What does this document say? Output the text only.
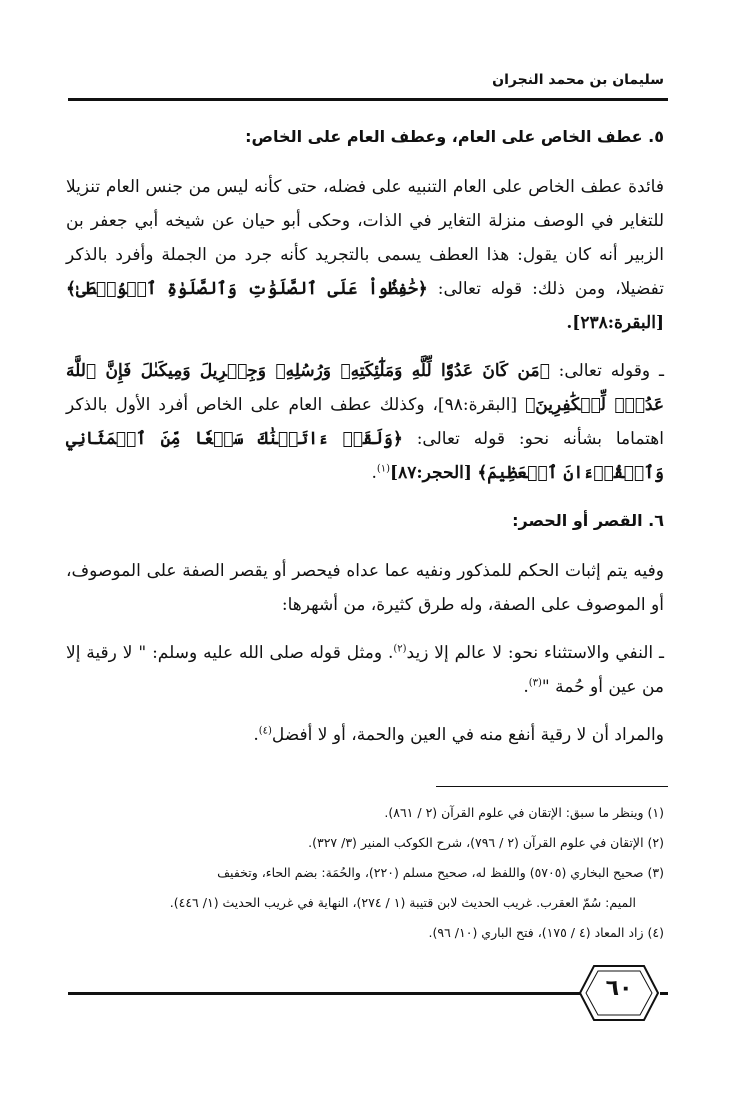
سليمان بن محمد النجران
٥. عطف الخاص على العام، وعطف العام على الخاص:

فائدة عطف الخاص على العام التنبيه على فضله، حتى كأنه ليس من جنس العام تنزيلا للتغاير في الوصف منزلة التغاير في الذات، وحكى أبو حيان عن شيخه أبي جعفر بن الزبير أنه كان يقول: هذا العطف يسمى بالتجريد كأنه جرد من الجملة وأفرد بالذكر تفضيلا، ومن ذلك: قوله تعالى: ﴿حَٰفِظُواْ عَلَى ٱلصَّلَوَٰتِ وَٱلصَّلَوٰةِ ٱلۡوُسۡطَىٰ﴾ [البقرة:٢٣٨].

ـ وقوله تعالى: ﴿مَن كَانَ عَدُوّٗا لِّلَّهِ وَمَلَٰٓئِكَتِهِۦ وَرُسُلِهِۦ وَجِبۡرِيلَ وَمِيكَىٰلَ فَإِنَّ ٱللَّهَ عَدُوّٞ لِّلۡكَٰفِرِينَ﴾ [البقرة:٩٨]، وكذلك عطف العام على الخاص أفرد الأول بالذكر اهتماما بشأنه نحو: قوله تعالى: ﴿وَلَقَدۡ ءَاتَيۡنَٰكَ سَبۡعٗا مِّنَ ٱلۡمَثَانِي وَٱلۡقُرۡءَانَ ٱلۡعَظِيمَ﴾ [الحجر:٨٧]$^{(١)}$.

٦. القصر أو الحصر:

وفيه يتم إثبات الحكم للمذكور ونفيه عما عداه فيحصر أو يقصر الصفة على الموصوف، أو الموصوف على الصفة، وله طرق كثيرة، من أشهرها:

ـ النفي والاستثناء نحو: لا عالم إلا زيد$^{(٢)}$. ومثل قوله صلى الله عليه وسلم: " لا رقية إلا من عين أو حُمة "$^{(٣)}$.

والمراد أن لا رقية أنفع منه في العين والحمة، أو لا أفضل$^{(٤)}$.

(١) وينظر ما سبق: الإتقان في علوم القرآن (٢ / ٨٦١).
(٢) الإتقان في علوم القرآن (٢ / ٧٩٦)، شرح الكوكب المنير (٣/ ٣٢٧).
(٣) صحيح البخاري (٥٧٠٥) واللفظ له، صحيح مسلم (٢٢٠)، والحُمَة: بضم الحاء، وتخفيف
الميم: سُمّ العقرب. غريب الحديث لابن قتيبة (١ / ٢٧٤)، النهاية في غريب الحديث (١/ ٤٤٦).
(٤) زاد المعاد (٤ / ١٧٥)، فتح الباري (١٠/ ٩٦).
٦٠
